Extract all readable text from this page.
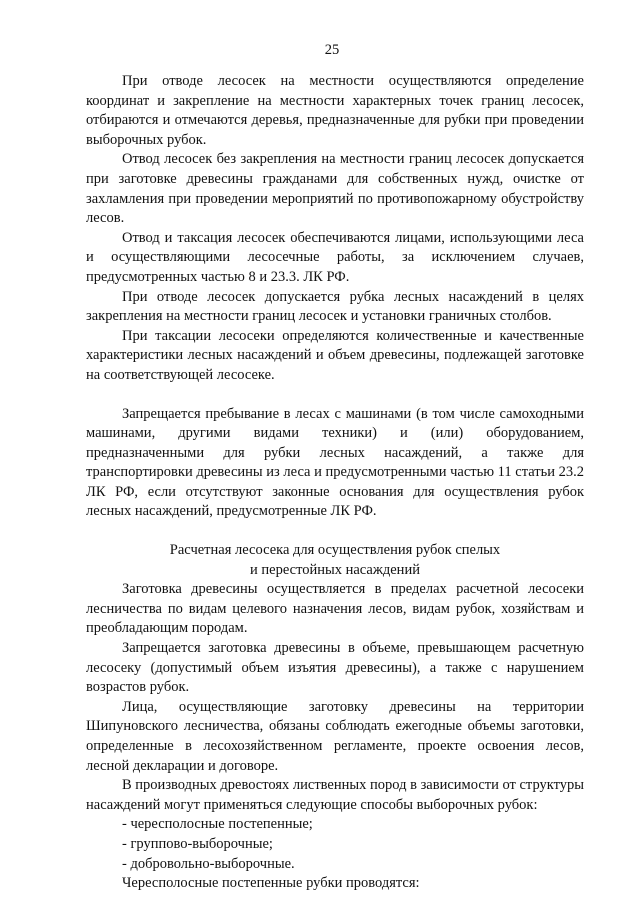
25

При отводе лесосек на местности осуществляются определение координат и закрепление на местности характерных точек границ лесосек, отбираются и отмечаются деревья, предназначенные для рубки при проведении выборочных рубок.

Отвод лесосек без закрепления на местности границ лесосек допускается при заготовке древесины гражданами для собственных нужд, очистке от захламления при проведении мероприятий по противопожарному обустройству лесов.

Отвод и таксация лесосек обеспечиваются лицами, использующими леса и осуществляющими лесосечные работы, за исключением случаев, предусмотренных частью 8 и 23.3. ЛК РФ.

При отводе лесосек допускается рубка лесных насаждений в целях закрепления на местности границ лесосек и установки граничных столбов.

При таксации лесосеки определяются количественные и качественные характеристики лесных насаждений и объем древесины, подлежащей заготовке на соответствующей лесосеке.

Запрещается пребывание в лесах с машинами (в том числе самоходными машинами, другими видами техники) и (или) оборудованием, предназначенными для рубки лесных насаждений, а также для транспортировки древесины из леса и предусмотренными частью 11 статьи 23.2 ЛК РФ, если отсутствуют законные основания для осуществления рубок лесных насаждений, предусмотренные ЛК РФ.

Расчетная лесосека для осуществления рубок спелых
и перестойных насаждений

Заготовка древесины осуществляется в пределах расчетной лесосеки лесничества по видам целевого назначения лесов, видам рубок, хозяйствам и преобладающим породам.

Запрещается заготовка древесины в объеме, превышающем расчетную лесосеку (допустимый объем изъятия древесины), а также с нарушением возрастов рубок.

Лица, осуществляющие заготовку древесины на территории Шипуновского лесничества, обязаны соблюдать ежегодные объемы заготовки, определенные в лесохозяйственном регламенте, проекте освоения лесов, лесной декларации и договоре.

В производных древостоях лиственных пород в зависимости от структуры насаждений могут применяться следующие способы выборочных рубок:

- чересполосные постепенные;
- группово-выборочные;
- добровольно-выборочные.

Чересполосные постепенные рубки проводятся:
